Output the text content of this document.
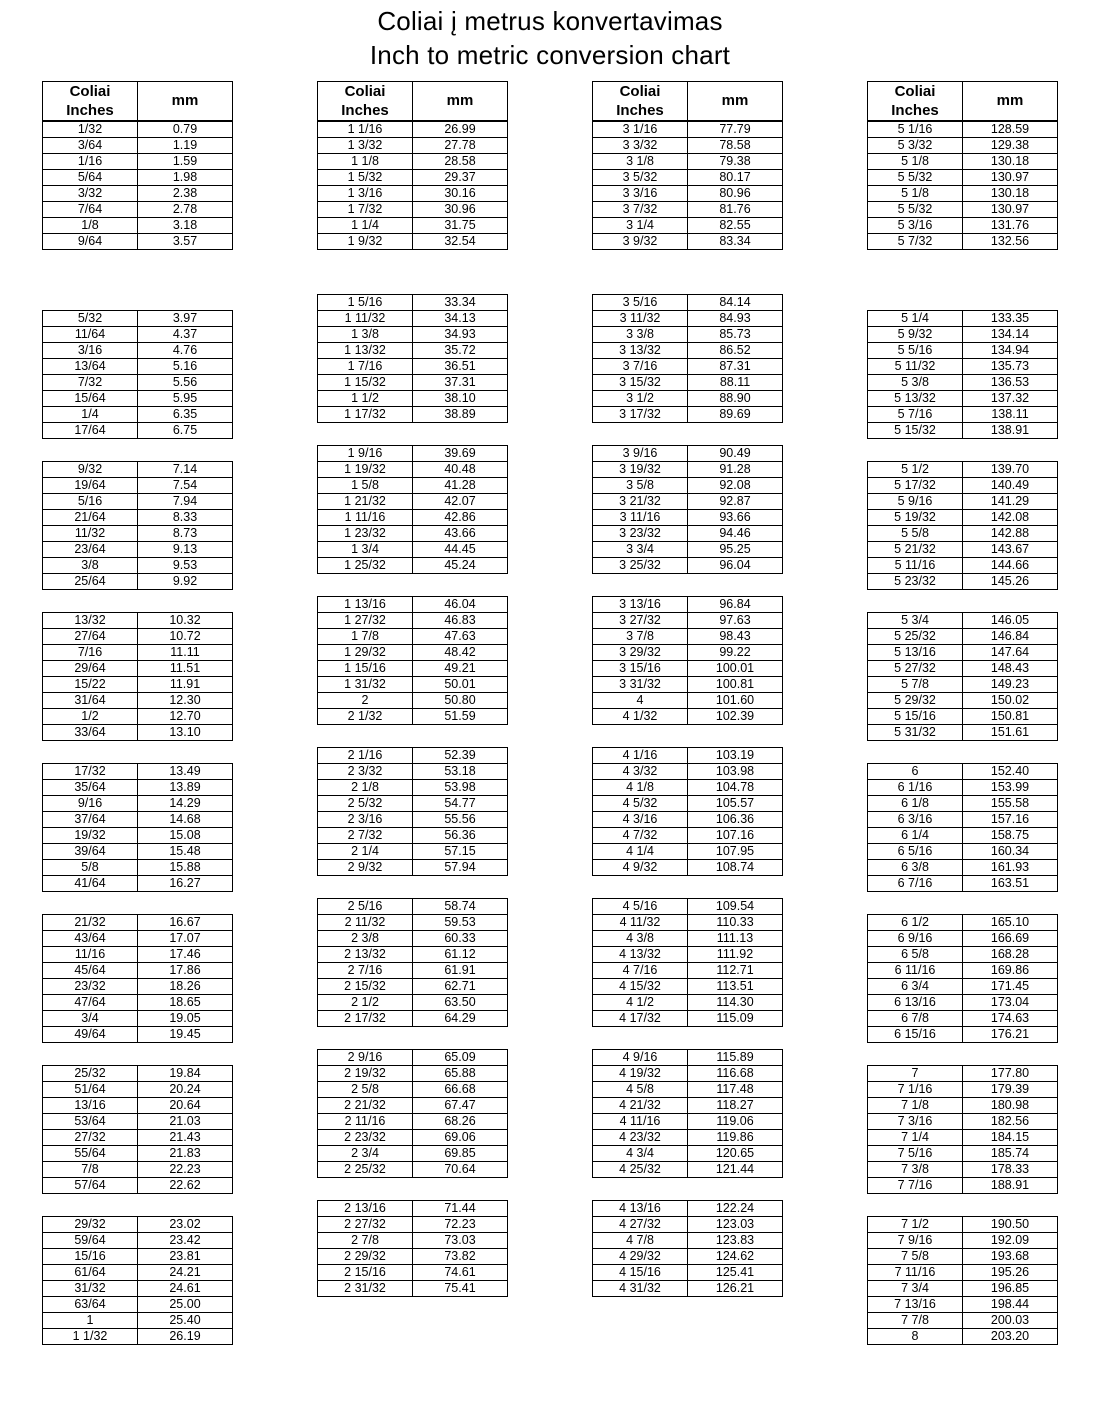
Coliai į metrus konvertavimas
Inch to metric conversion chart
Coliai
Inches
	mm
1/32	0.79
3/64	1.19
1/16	1.59
5/64	1.98
3/32	2.38
7/64	2.78
1/8	3.18
9/64	3.57
5/32	3.97
11/64	4.37
3/16	4.76
13/64	5.16
7/32	5.56
15/64	5.95
1/4	6.35
17/64	6.75
9/32	7.14
19/64	7.54
5/16	7.94
21/64	8.33
11/32	8.73
23/64	9.13
3/8	9.53
25/64	9.92
13/32	10.32
27/64	10.72
7/16	11.11
29/64	11.51
15/22	11.91
31/64	12.30
1/2	12.70
33/64	13.10
17/32	13.49
35/64	13.89
9/16	14.29
37/64	14.68
19/32	15.08
39/64	15.48
5/8	15.88
41/64	16.27
21/32	16.67
43/64	17.07
11/16	17.46
45/64	17.86
23/32	18.26
47/64	18.65
3/4	19.05
49/64	19.45
25/32	19.84
51/64	20.24
13/16	20.64
53/64	21.03
27/32	21.43
55/64	21.83
7/8	22.23
57/64	22.62
29/32	23.02
59/64	23.42
15/16	23.81
61/64	24.21
31/32	24.61
63/64	25.00
1	25.40
1 1/32	26.19
Coliai
Inches
	mm
1 1/16	26.99
1 3/32	27.78
1 1/8	28.58
1 5/32	29.37
1 3/16	30.16
1 7/32	30.96
1 1/4	31.75
1 9/32	32.54
1 5/16	33.34
1 11/32	34.13
1 3/8	34.93
1 13/32	35.72
1 7/16	36.51
1 15/32	37.31
1 1/2	38.10
1 17/32	38.89
1 9/16	39.69
1 19/32	40.48
1 5/8	41.28
1 21/32	42.07
1 11/16	42.86
1 23/32	43.66
1 3/4	44.45
1 25/32	45.24
1 13/16	46.04
1 27/32	46.83
1 7/8	47.63
1 29/32	48.42
1 15/16	49.21
1 31/32	50.01
2	50.80
2 1/32	51.59
2 1/16	52.39
2 3/32	53.18
2 1/8	53.98
2 5/32	54.77
2 3/16	55.56
2 7/32	56.36
2 1/4	57.15
2 9/32	57.94
2 5/16	58.74
2 11/32	59.53
2 3/8	60.33
2 13/32	61.12
2 7/16	61.91
2 15/32	62.71
2 1/2	63.50
2 17/32	64.29
2 9/16	65.09
2 19/32	65.88
2 5/8	66.68
2 21/32	67.47
2 11/16	68.26
2 23/32	69.06
2 3/4	69.85
2 25/32	70.64
2 13/16	71.44
2 27/32	72.23
2 7/8	73.03
2 29/32	73.82
2 15/16	74.61
2 31/32	75.41
Coliai
Inches
	mm
3 1/16	77.79
3 3/32	78.58
3 1/8	79.38
3 5/32	80.17
3 3/16	80.96
3 7/32	81.76
3 1/4	82.55
3 9/32	83.34
3 5/16	84.14
3 11/32	84.93
3 3/8	85.73
3 13/32	86.52
3 7/16	87.31
3 15/32	88.11
3 1/2	88.90
3 17/32	89.69
3 9/16	90.49
3 19/32	91.28
3 5/8	92.08
3 21/32	92.87
3 11/16	93.66
3 23/32	94.46
3 3/4	95.25
3 25/32	96.04
3 13/16	96.84
3 27/32	97.63
3 7/8	98.43
3 29/32	99.22
3 15/16	100.01
3 31/32	100.81
4	101.60
4 1/32	102.39
4 1/16	103.19
4 3/32	103.98
4 1/8	104.78
4 5/32	105.57
4 3/16	106.36
4 7/32	107.16
4 1/4	107.95
4 9/32	108.74
4 5/16	109.54
4 11/32	110.33
4 3/8	111.13
4 13/32	111.92
4 7/16	112.71
4 15/32	113.51
4 1/2	114.30
4 17/32	115.09
4 9/16	115.89
4 19/32	116.68
4 5/8	117.48
4 21/32	118.27
4 11/16	119.06
4 23/32	119.86
4 3/4	120.65
4 25/32	121.44
4 13/16	122.24
4 27/32	123.03
4 7/8	123.83
4 29/32	124.62
4 15/16	125.41
4 31/32	126.21
Coliai
Inches
	mm
5 1/16	128.59
5 3/32	129.38
5 1/8	130.18
5 5/32	130.97
5 1/8	130.18
5 5/32	130.97
5 3/16	131.76
5 7/32	132.56
5 1/4	133.35
5 9/32	134.14
5 5/16	134.94
5 11/32	135.73
5 3/8	136.53
5 13/32	137.32
5 7/16	138.11
5 15/32	138.91
5 1/2	139.70
5 17/32	140.49
5 9/16	141.29
5 19/32	142.08
5 5/8	142.88
5 21/32	143.67
5 11/16	144.66
5 23/32	145.26
5 3/4	146.05
5 25/32	146.84
5 13/16	147.64
5 27/32	148.43
5 7/8	149.23
5 29/32	150.02
5 15/16	150.81
5 31/32	151.61
6	152.40
6 1/16	153.99
6 1/8	155.58
6 3/16	157.16
6 1/4	158.75
6 5/16	160.34
6 3/8	161.93
6 7/16	163.51
6 1/2	165.10
6 9/16	166.69
6 5/8	168.28
6 11/16	169.86
6 3/4	171.45
6 13/16	173.04
6 7/8	174.63
6 15/16	176.21
7	177.80
7 1/16	179.39
7 1/8	180.98
7 3/16	182.56
7 1/4	184.15
7 5/16	185.74
7 3/8	178.33
7 7/16	188.91
7 1/2	190.50
7 9/16	192.09
7 5/8	193.68
7 11/16	195.26
7 3/4	196.85
7 13/16	198.44
7 7/8	200.03
8	203.20
